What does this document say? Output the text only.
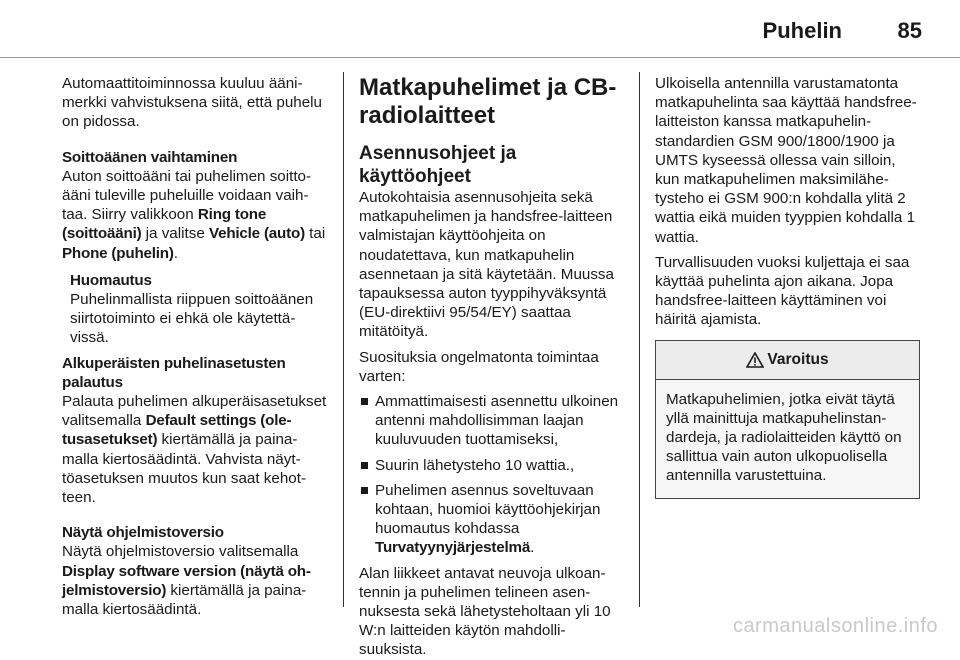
Puhelin	85

Automaattitoiminnossa kuuluu äänimerkki vahvistuksena siitä, että puhelu on pidossa.

Soittoäänen vaihtaminen

Auton soittoääni tai puhelimen soittoääni tuleville puheluille voidaan vaihtaa. Siirry valikkoon Ring tone (soittoääni) ja valitse Vehicle (auto) tai Phone (puhelin).

Huomautus

Puhelinmallista riippuen soittoäänen siirtotoiminto ei ehkä ole käytettävissä.

Alkuperäisten puhelinasetusten palautus

Palauta puhelimen alkuperäisasetukset valitsemalla Default settings (oletusasetukset) kiertämällä ja painamalla kiertosäädintä. Vahvista näyttöasetuksen muutos kun saat kehotteen.

Näytä ohjelmistoversio

Näytä ohjelmistoversio valitsemalla Display software version (näytä ohjelmistoversio) kiertämällä ja painamalla kiertosäädintä.

Matkapuhelimet ja CB-radiolaitteet

Asennusohjeet ja käyttöohjeet

Autokohtaisia asennusohjeita sekä matkapuhelimen ja handsfree-laitteen valmistajan käyttöohjeita on noudatettava, kun matkapuhelin asennetaan ja sitä käytetään. Muussa tapauksessa auton tyyppihyväksyntä (EU-direktiivi 95/54/EY) saattaa mitätöityä.

Suosituksia ongelmatonta toimintaa varten:

Ammattimaisesti asennettu ulkoinen antenni mahdollisimman laajan kuuluvuuden tuottamiseksi,
Suurin lähetysteho 10 wattia.,
Puhelimen asennus soveltuvaan kohtaan, huomioi käyttöohjekirjan huomautus kohdassa Turvatyynyjärjestelmä.

Alan liikkeet antavat neuvoja ulkoantennin ja puhelimen telineen asennuksesta sekä lähetysteholtaan yli 10 W:n laitteiden käytön mahdollisuuksista.

Ulkoisella antennilla varustamatonta matkapuhelinta saa käyttää handsfree-laitteiston kanssa matkapuhelinstandardien GSM 900/1800/1900 ja UMTS kyseessä ollessa vain silloin, kun matkapuhelimen maksimilähetysteho ei GSM 900:n kohdalla ylitä 2 wattia eikä muiden tyyppien kohdalla 1 wattia.

Turvallisuuden vuoksi kuljettaja ei saa käyttää puhelinta ajon aikana. Jopa handsfree-laitteen käyttäminen voi häiritä ajamista.

Varoitus
Matkapuhelimien, jotka eivät täytä yllä mainittuja matkapuhelinstandardeja, ja radiolaitteiden käyttö on sallittua vain auton ulkopuolisella antennilla varustettuina.
carmanualsonline.info
